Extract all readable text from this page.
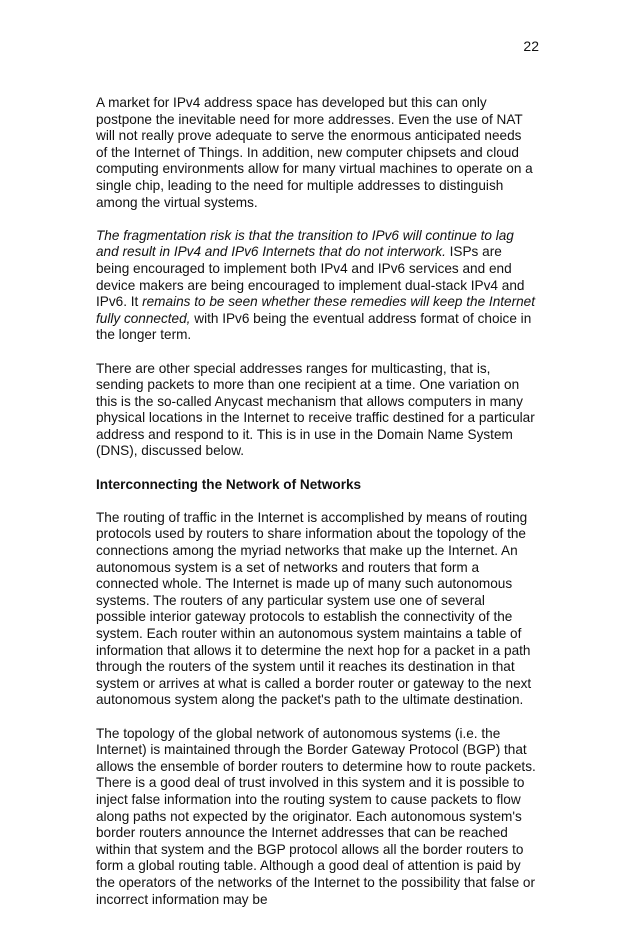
22

A market for IPv4 address space has developed but this can only postpone the inevitable need for more addresses. Even the use of NAT will not really prove adequate to serve the enormous anticipated needs of the Internet of Things. In addition, new computer chipsets and cloud computing environments allow for many virtual machines to operate on a single chip, leading to the need for multiple addresses to distinguish among the virtual systems.

The fragmentation risk is that the transition to IPv6 will continue to lag and result in IPv4 and IPv6 Internets that do not interwork. ISPs are being encouraged to implement both IPv4 and IPv6 services and end device makers are being encouraged to implement dual-stack IPv4 and IPv6. It remains to be seen whether these remedies will keep the Internet fully connected, with IPv6 being the eventual address format of choice in the longer term.

There are other special addresses ranges for multicasting, that is, sending packets to more than one recipient at a time. One variation on this is the so-called Anycast mechanism that allows computers in many physical locations in the Internet to receive traffic destined for a particular address and respond to it. This is in use in the Domain Name System (DNS), discussed below.

Interconnecting the Network of Networks

The routing of traffic in the Internet is accomplished by means of routing protocols used by routers to share information about the topology of the connections among the myriad networks that make up the Internet. An autonomous system is a set of networks and routers that form a connected whole. The Internet is made up of many such autonomous systems. The routers of any particular system use one of several possible interior gateway protocols to establish the connectivity of the system. Each router within an autonomous system maintains a table of information that allows it to determine the next hop for a packet in a path through the routers of the system until it reaches its destination in that system or arrives at what is called a border router or gateway to the next autonomous system along the packet's path to the ultimate destination.

The topology of the global network of autonomous systems (i.e. the Internet) is maintained through the Border Gateway Protocol (BGP) that allows the ensemble of border routers to determine how to route packets. There is a good deal of trust involved in this system and it is possible to inject false information into the routing system to cause packets to flow along paths not expected by the originator. Each autonomous system's border routers announce the Internet addresses that can be reached within that system and the BGP protocol allows all the border routers to form a global routing table. Although a good deal of attention is paid by the operators of the networks of the Internet to the possibility that false or incorrect information may be
